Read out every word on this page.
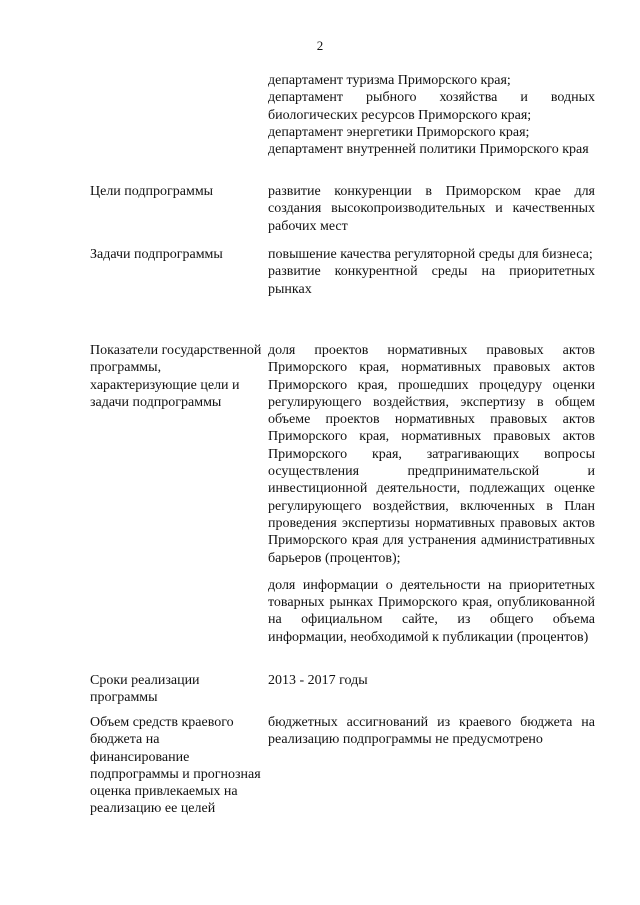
2
департамент туризма Приморского края;
департамент рыбного хозяйства и водных биологических ресурсов Приморского края;
департамент энергетики Приморского края;
департамент внутренней политики Приморского края
Цели подпрограммы	развитие конкуренции в Приморском крае для создания высокопроизводительных и качественных рабочих мест
Задачи подпрограммы	повышение качества регуляторной среды для бизнеса;
развитие конкурентной среды на приоритетных рынках
Показатели государственной программы, характеризующие цели и задачи подпрограммы
доля проектов нормативных правовых актов Приморского края, нормативных правовых актов Приморского края, прошедших процедуру оценки регулирующего воздействия, экспертизу в общем объеме проектов нормативных правовых актов Приморского края, нормативных правовых актов Приморского края, затрагивающих вопросы осуществления предпринимательской и инвестиционной деятельности, подлежащих оценке регулирующего воздействия, включенных в План проведения экспертизы нормативных правовых актов Приморского края для устранения административных барьеров (процентов);
доля информации о деятельности на приоритетных товарных рынках Приморского края, опубликованной на официальном сайте, из общего объема информации, необходимой к публикации (процентов)
Сроки реализации программы
2013 - 2017 годы
Объем средств краевого бюджета на финансирование подпрограммы и прогнозная оценка привлекаемых на реализацию ее целей
бюджетных ассигнований из краевого бюджета на реализацию подпрограммы не предусмотрено
